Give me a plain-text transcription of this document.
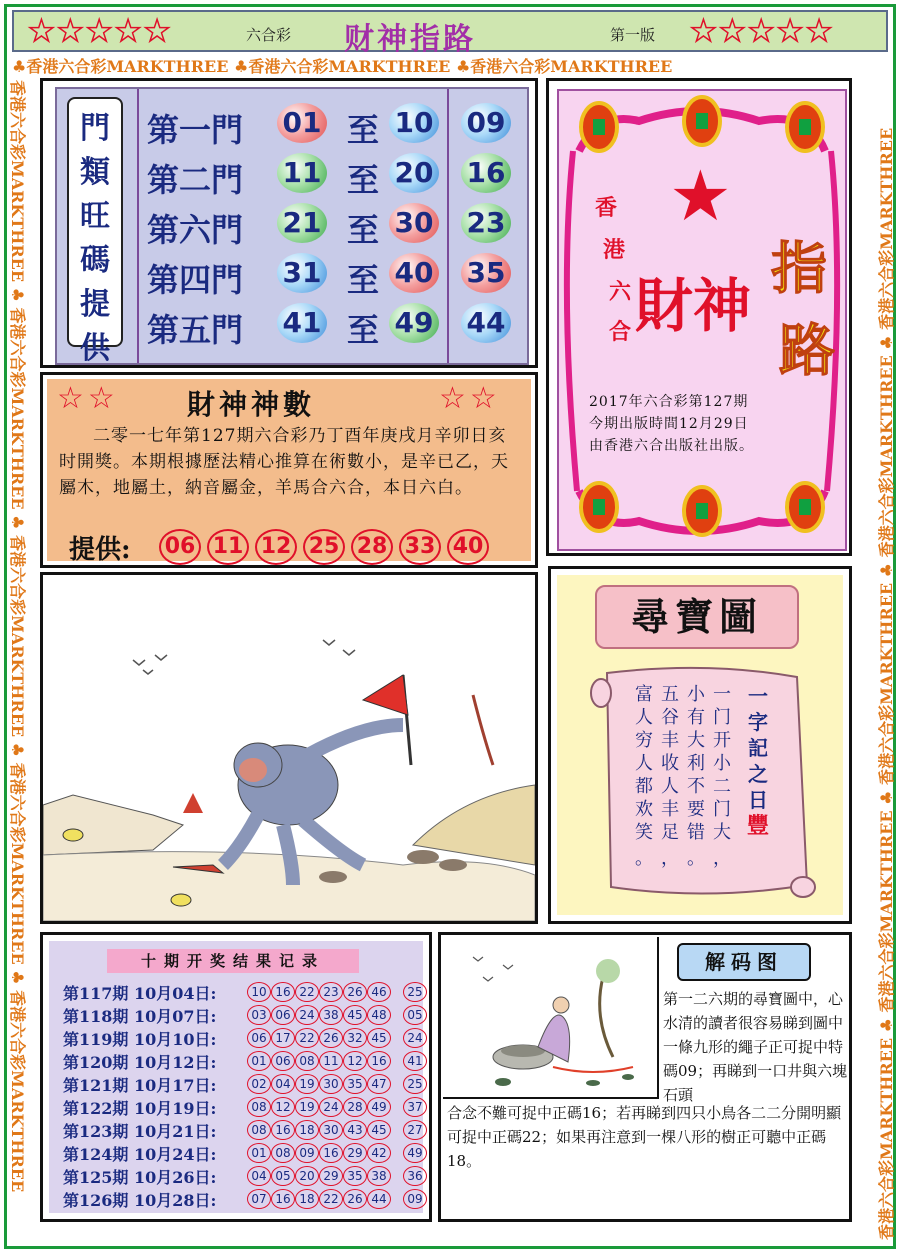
★★★★★	六合彩 财神指路	第一版 ★★★★★
♣香港六合彩MARKTHREE ♣香港六合彩MARKTHREE ♣香港六合彩MARKTHREE
香港六合彩MARKTHREE ♣ 香港六合彩MARKTHREE ♣ 香港六合彩MARKTHREE ♣ 香港六合彩MARKTHREE ♣ 香港六合彩MARKTHREE	香港六合彩MARKTHREE ♣ 香港六合彩MARKTHREE ♣ 香港六合彩MARKTHREE ♣ 香港六合彩MARKTHREE ♣ 香港六合彩MARKTHREE
門
類
旺
碼
提
供
第一門 01 至 10 09
第二門 11 至 20 16
第六門 21 至 30 23
第四門 31 至 40 35
第五門 41 至 49 44
★
香
港
六
合 財神
指
路
2017年六合彩第127期
今期出版時間12月29日
由香港六合出版社出版。
☆☆ 財神神數	☆☆
二零一七年第127期六合彩乃丁酉年庚戌月辛卯日亥时開獎。本期根據歷法精心推算在術數小，是辛已乙，天屬木，地屬土，納音屬金，羊馬合六合，本日六白。
提供: 06 11 12 25 28 33 40
尋寶圖
一字記之日
豐
一门开小二门大
，
小有大利不要错
。
五谷丰收人丰足
，
富人穷人都欢笑
。
十期开奖结果记录
第117期 10月04日:	10 16 22 23 26 46	25
第118期 10月07日:	03 06 24 38 45 48	05
第119期 10月10日:	06 17 22 26 32 45	24
第120期 10月12日:	01 06 08 11 12 16	41
第121期 10月17日:	02 04 19 30 35 47	25
第122期 10月19日:	08 12 19 24 28 49	37
第123期 10月21日:	08 16 18 30 43 45	27
第124期 10月24日:	01 08 09 16 29 42	49
第125期 10月26日:	04 05 20 29 35 38	36
第126期 10月28日:	07 16 18 22 26 44	09
解码图
第一二六期的尋寶圖中，心水清的讀者很容易睇到圖中一條九形的繩子正可捉中特碼09；再睇到一口井與六塊石頭
合念不難可捉中正碼16；若再睇到四只小鳥各二二分開明顯可捉中正碼22；如果再注意到一棵八形的樹正可聽中正碼18。
